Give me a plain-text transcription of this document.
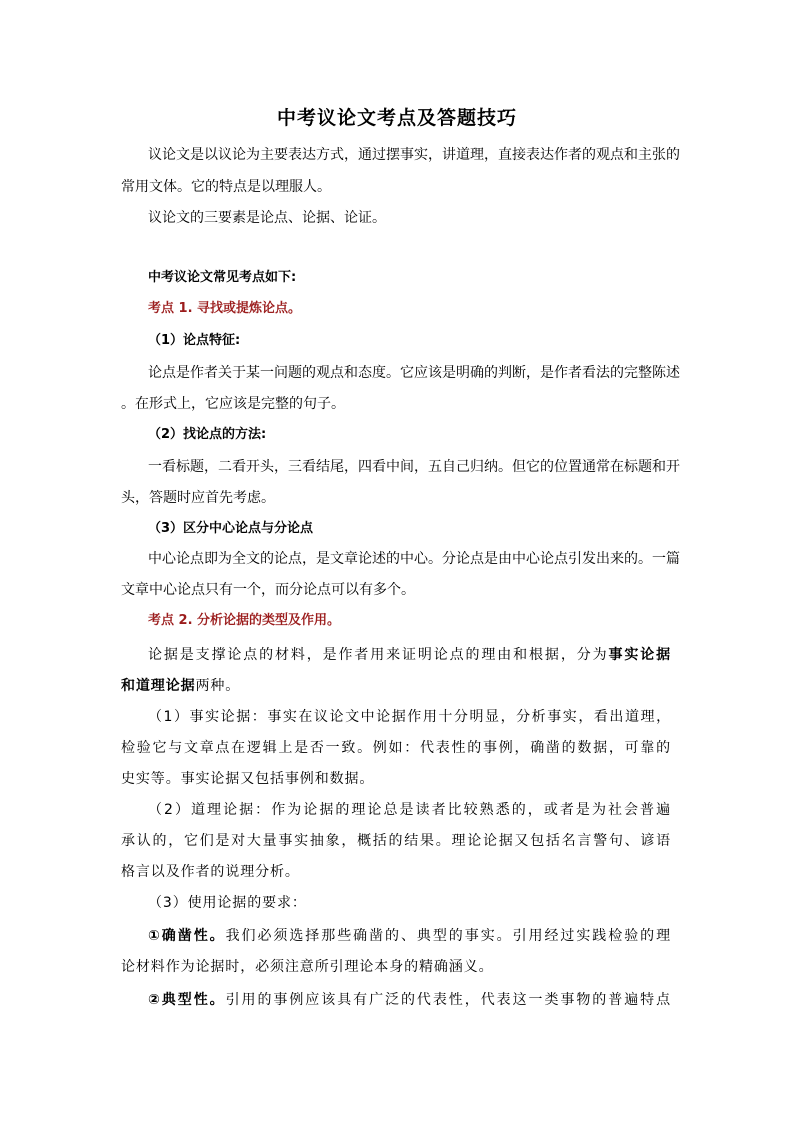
中考议论文考点及答题技巧
议论文是以议论为主要表达方式，通过摆事实，讲道理，直接表达作者的观点和主张的
常用文体。它的特点是以理服人。
议论文的三要素是论点、论据、论证。
中考议论文常见考点如下:
考点 1. 寻找或提炼论点。
（1）论点特征:
论点是作者关于某一问题的观点和态度。它应该是明确的判断，是作者看法的完整陈述
。在形式上，它应该是完整的句子。
（2）找论点的方法:
一看标题，二看开头，三看结尾，四看中间，五自己归纳。但它的位置通常在标题和开
头，答题时应首先考虑。
（3）区分中心论点与分论点
中心论点即为全文的论点，是文章论述的中心。分论点是由中心论点引发出来的。一篇
文章中心论点只有一个，而分论点可以有多个。
考点 2. 分析论据的类型及作用。
论据是支撑论点的材料，是作者用来证明论点的理由和根据，分为事实论据
和道理论据两种。
（1）事实论据：事实在议论文中论据作用十分明显，分析事实，看出道理，
检验它与文章点在逻辑上是否一致。例如：代表性的事例，确凿的数据，可靠的
史实等。事实论据又包括事例和数据。
（2）道理论据：作为论据的理论总是读者比较熟悉的，或者是为社会普遍
承认的，它们是对大量事实抽象，概括的结果。理论论据又包括名言警句、谚语
格言以及作者的说理分析。
（3）使用论据的要求：
①确凿性。我们必须选择那些确凿的、典型的事实。引用经过实践检验的理
论材料作为论据时，必须注意所引理论本身的精确涵义。
②典型性。引用的事例应该具有广泛的代表性，代表这一类事物的普遍特点
